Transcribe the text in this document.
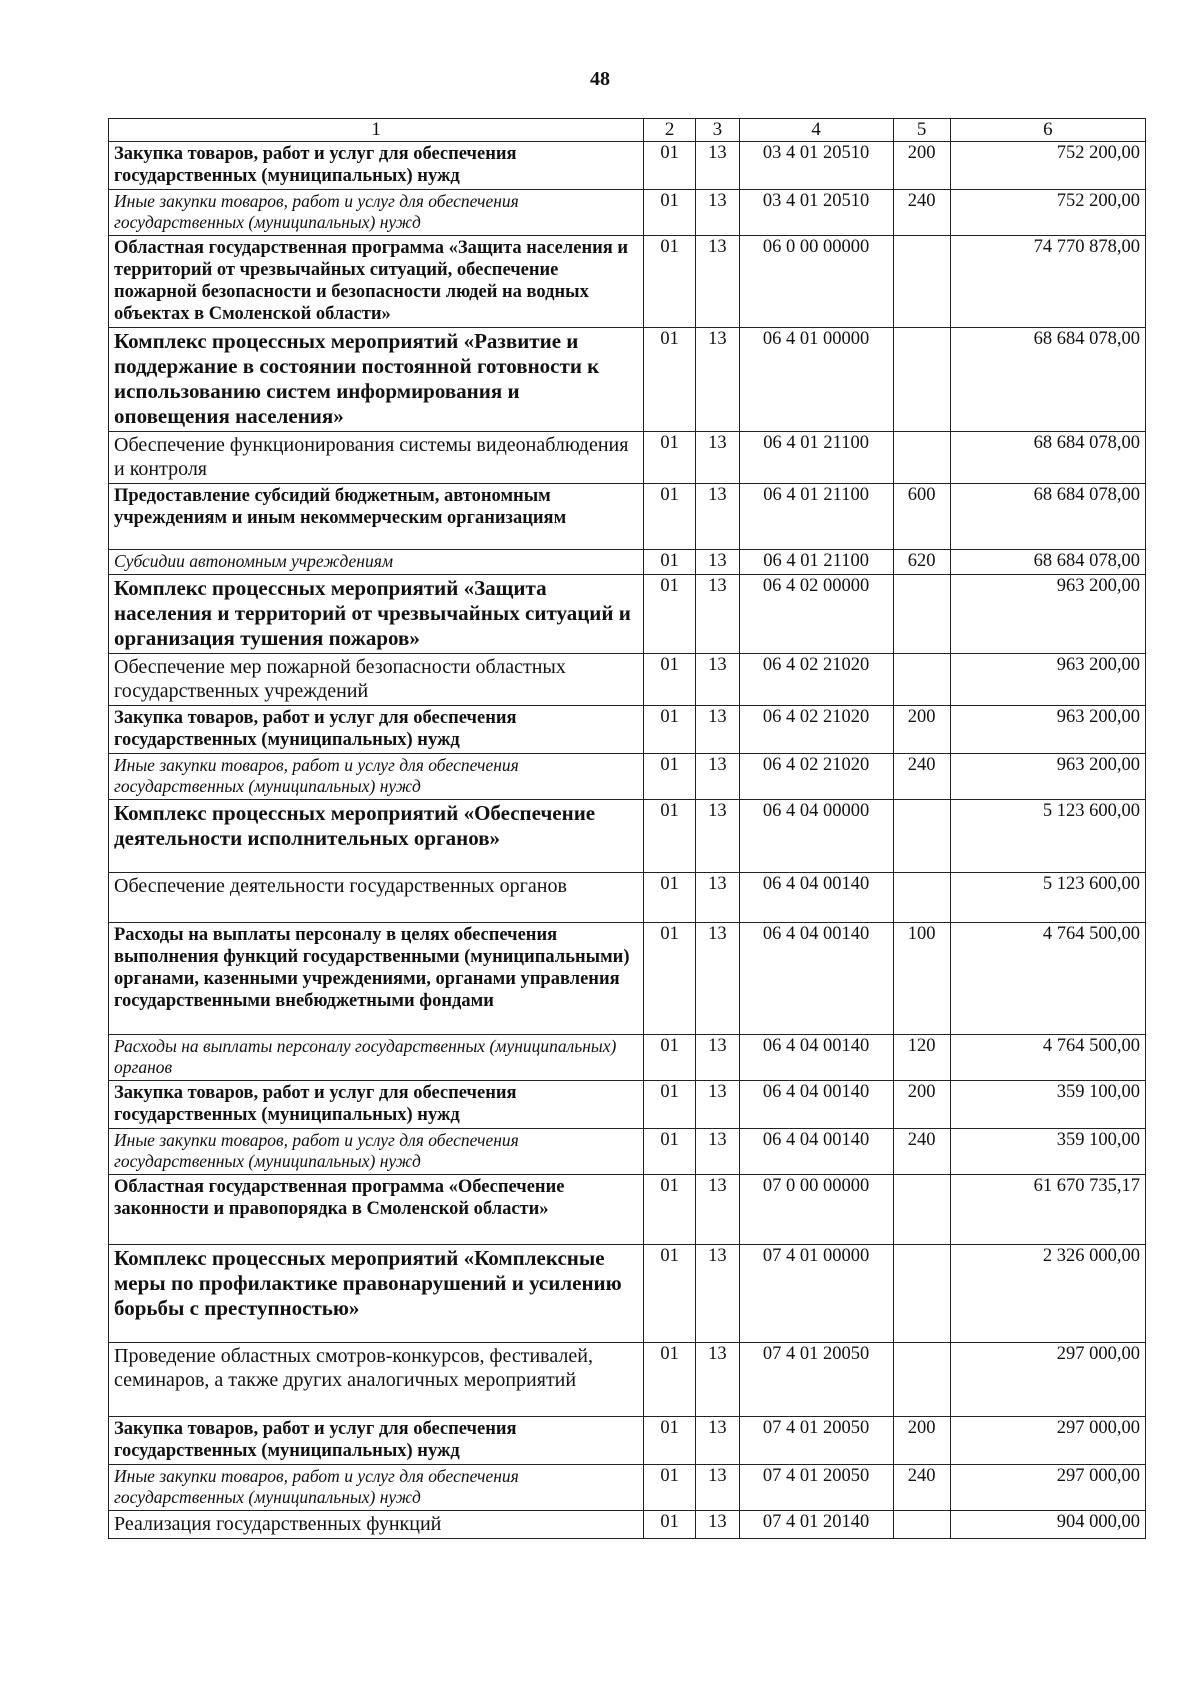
48
1	2	3	4	5	6
Закупка товаров, работ и услуг для обеспечения государственных (муниципальных) нужд	01	13	03 4 01 20510	200	752 200,00
Иные закупки товаров, работ и услуг для обеспечения государственных (муниципальных) нужд	01	13	03 4 01 20510	240	752 200,00
Областная государственная программа «Защита населения и территорий от чрезвычайных ситуаций, обеспечение пожарной безопасности и безопасности людей на водных объектах в Смоленской области»	01	13	06 0 00 00000		74 770 878,00
Комплекс процессных мероприятий «Развитие и поддержание в состоянии постоянной готовности к использованию систем информирования и оповещения населения»	01	13	06 4 01 00000		68 684 078,00
Обеспечение функционирования системы видеонаблюдения и контроля	01	13	06 4 01 21100		68 684 078,00
Предоставление субсидий бюджетным, автономным учреждениям и иным некоммерческим организациям	01	13	06 4 01 21100	600	68 684 078,00
Субсидии автономным учреждениям	01	13	06 4 01 21100	620	68 684 078,00
Комплекс процессных мероприятий «Защита населения и территорий от чрезвычайных ситуаций и организация тушения пожаров»	01	13	06 4 02 00000		963 200,00
Обеспечение мер пожарной безопасности областных государственных учреждений	01	13	06 4 02 21020		963 200,00
Закупка товаров, работ и услуг для обеспечения государственных (муниципальных) нужд	01	13	06 4 02 21020	200	963 200,00
Иные закупки товаров, работ и услуг для обеспечения государственных (муниципальных) нужд	01	13	06 4 02 21020	240	963 200,00
Комплекс процессных мероприятий «Обеспечение деятельности исполнительных органов»	01	13	06 4 04 00000		5 123 600,00
Обеспечение деятельности государственных органов	01	13	06 4 04 00140		5 123 600,00
Расходы на выплаты персоналу в целях обеспечения выполнения функций государственными (муниципальными) органами, казенными учреждениями, органами управления государственными внебюджетными фондами	01	13	06 4 04 00140	100	4 764 500,00
Расходы на выплаты персоналу государственных (муниципальных) органов	01	13	06 4 04 00140	120	4 764 500,00
Закупка товаров, работ и услуг для обеспечения государственных (муниципальных) нужд	01	13	06 4 04 00140	200	359 100,00
Иные закупки товаров, работ и услуг для обеспечения государственных (муниципальных) нужд	01	13	06 4 04 00140	240	359 100,00
Областная государственная программа «Обеспечение законности и правопорядка в Смоленской области»	01	13	07 0 00 00000		61 670 735,17
Комплекс процессных мероприятий «Комплексные меры по профилактике правонарушений и усилению борьбы с преступностью»	01	13	07 4 01 00000		2 326 000,00
Проведение областных смотров-конкурсов, фестивалей, семинаров, а также других аналогичных мероприятий	01	13	07 4 01 20050		297 000,00
Закупка товаров, работ и услуг для обеспечения государственных (муниципальных) нужд	01	13	07 4 01 20050	200	297 000,00
Иные закупки товаров, работ и услуг для обеспечения государственных (муниципальных) нужд	01	13	07 4 01 20050	240	297 000,00
Реализация государственных функций	01	13	07 4 01 20140		904 000,00
